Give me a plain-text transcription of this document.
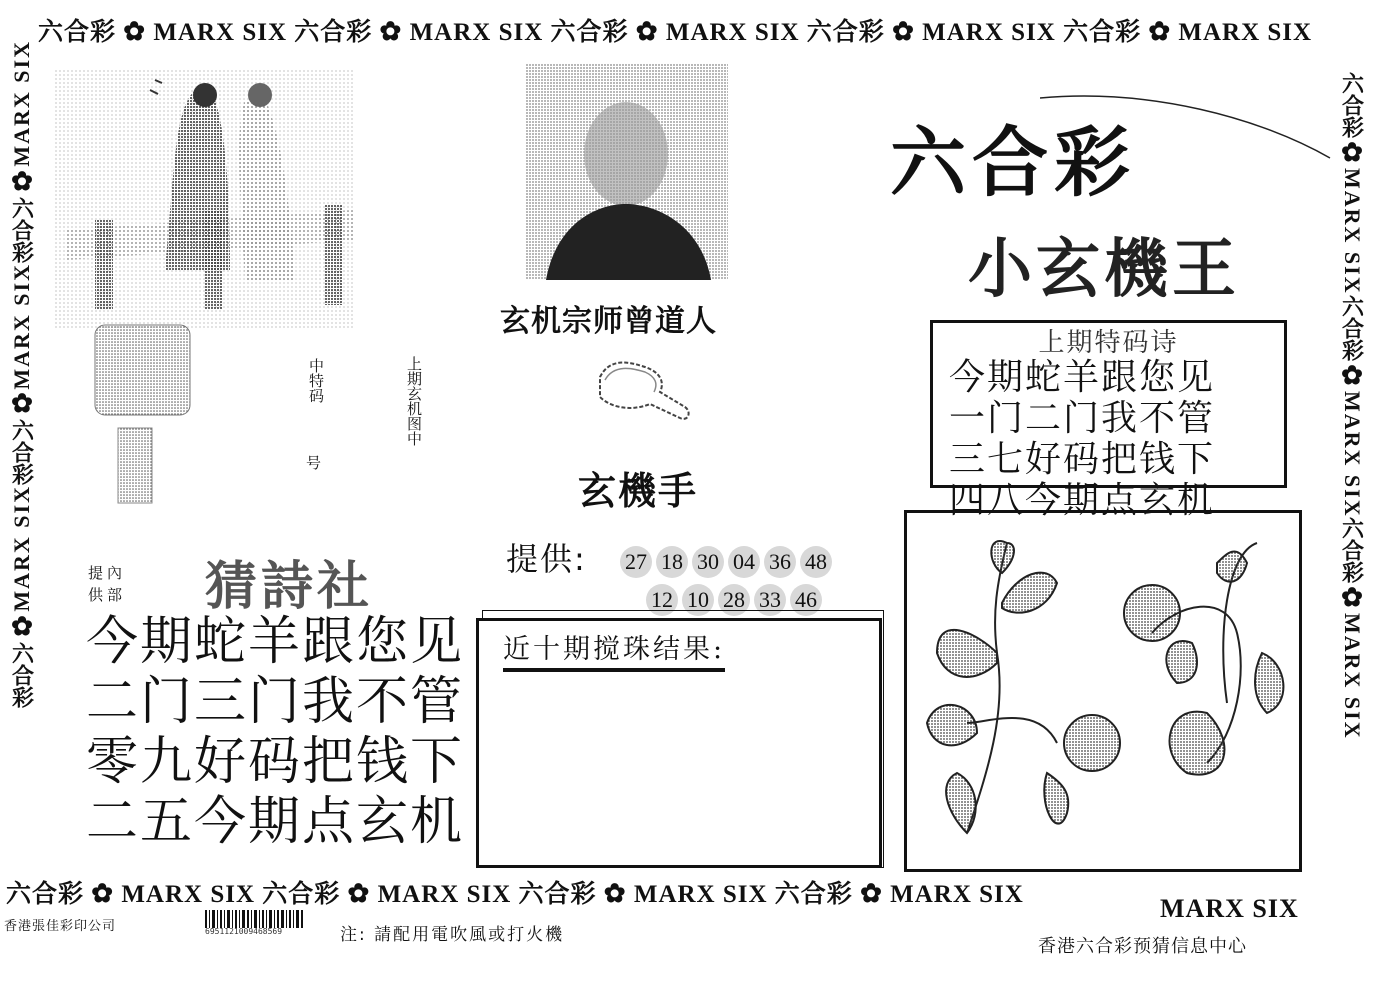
六合彩 ✿ MARX SIX 六合彩 ✿ MARX SIX 六合彩 ✿ MARX SIX 六合彩 ✿ MARX SIX 六合彩 ✿ MARX SIX
六合彩 ✿ MARX SIX 六合彩 ✿ MARX SIX 六合彩 ✿ MARX SIX 六合彩 ✿ MARX SIX	MARX SIX
MARX SIX
✿
六合彩
MARX SIX
✿
六合彩
MARX SIX
✿
六合彩
六合彩
✿
MARX SIX
六合彩
✿
MARX SIX
六合彩
✿
MARX SIX
中特码
号
上期玄机图中
玄机宗师曾道人
玄機手
六合彩
小玄機王
上期特码诗
今期蛇羊跟您见
一门二门我不管
三七好码把钱下
四八今期点玄机
提內
供部 猜詩社
今期蛇羊跟您见
二门三门我不管
零九好码把钱下
二五今期点玄机
提供: 27 18 30 04 36 48
12 10 28 33 46
近十期搅珠结果:
香港張佳彩印公司	6951121009468569	注: 請配用電吹風或打火機
香港六合彩预猜信息中心
